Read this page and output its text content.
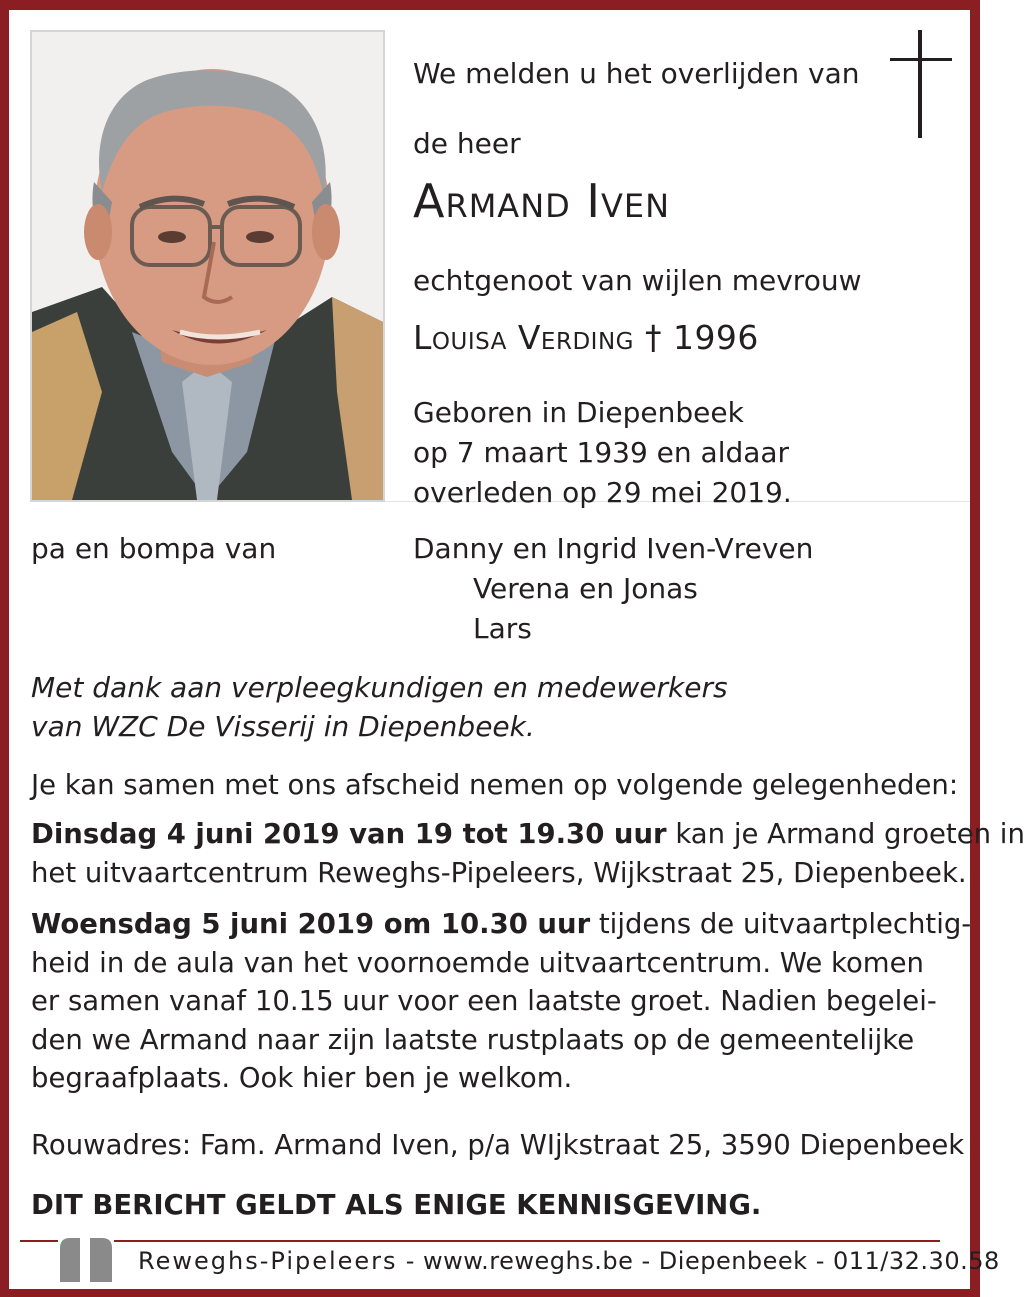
We melden u het overlijden van
de heer
Armand Iven
echtgenoot van wijlen mevrouw
Louisa Verding † 1996
Geboren in Diepenbeek
op 7 maart 1939 en aldaar
overleden op 29 mei 2019.
pa en bompa van	Danny en Ingrid Iven-Vreven
Verena en Jonas
Lars
Met dank aan verpleegkundigen en medewerkers
van WZC De Visserij in Diepenbeek.
Je kan samen met ons afscheid nemen op volgende gelegenheden:
Dinsdag 4 juni 2019 van 19 tot 19.30 uur kan je Armand groeten in
het uitvaartcentrum Reweghs-Pipeleers, Wijkstraat 25, Diepenbeek.
Woensdag 5 juni 2019 om 10.30 uur tijdens de uitvaartplechtig-
heid in de aula van het voornoemde uitvaartcentrum. We komen
er samen vanaf 10.15 uur voor een laatste groet. Nadien begelei-
den we Armand naar zijn laatste rustplaats op de gemeentelijke
begraafplaats. Ook hier ben je welkom.
Rouwadres: Fam. Armand Iven, p/a WIjkstraat 25, 3590 Diepenbeek
DIT BERICHT GELDT ALS ENIGE KENNISGEVING.
Reweghs-Pipeleers - www.reweghs.be - Diepenbeek - 011/32.30.58
